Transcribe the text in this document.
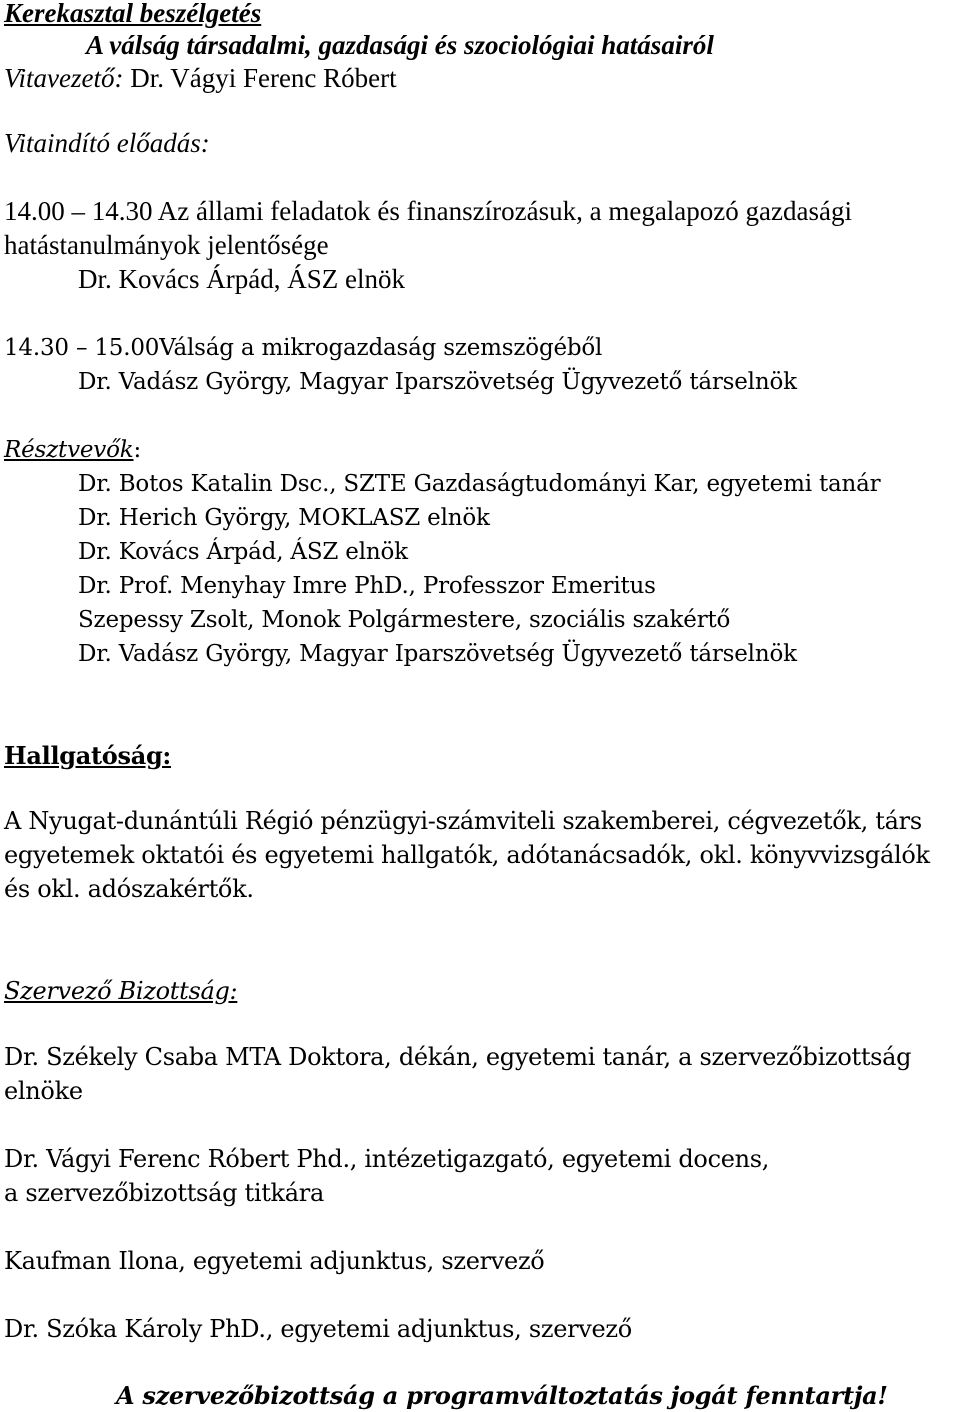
Kerekasztal beszélgetés

A válság társadalmi, gazdasági és szociológiai hatásairól

Vitavezető: Dr. Vágyi Ferenc Róbert

Vitaindító előadás:

14.00 – 14.30 Az állami feladatok és finanszírozásuk, a megalapozó gazdasági

hatástanulmányok jelentősége

Dr. Kovács Árpád, ÁSZ elnök

14.30 – 15.00Válság a mikrogazdaság szemszögéből

Dr. Vadász György, Magyar Iparszövetség Ügyvezető társelnök

Résztvevők:

Dr. Botos Katalin Dsc., SZTE Gazdaságtudományi Kar, egyetemi tanár

Dr. Herich György, MOKLASZ elnök

Dr. Kovács Árpád, ÁSZ elnök

Dr. Prof. Menyhay Imre PhD., Professzor Emeritus

Szepessy Zsolt, Monok Polgármestere, szociális szakértő

Dr. Vadász György, Magyar Iparszövetség Ügyvezető társelnök

Hallgatóság:

A Nyugat-dunántúli Régió pénzügyi-számviteli szakemberei, cégvezetők, társ

egyetemek oktatói és egyetemi hallgatók, adótanácsadók, okl. könyvvizsgálók

és okl. adószakértők.

Szervező Bizottság:

Dr. Székely Csaba MTA Doktora, dékán, egyetemi tanár, a szervezőbizottság

elnöke

Dr. Vágyi Ferenc Róbert Phd., intézetigazgató, egyetemi docens,

a szervezőbizottság titkára

Kaufman Ilona, egyetemi adjunktus, szervező

Dr. Szóka Károly PhD., egyetemi adjunktus, szervező

A szervezőbizottság a programváltoztatás jogát fenntartja!
